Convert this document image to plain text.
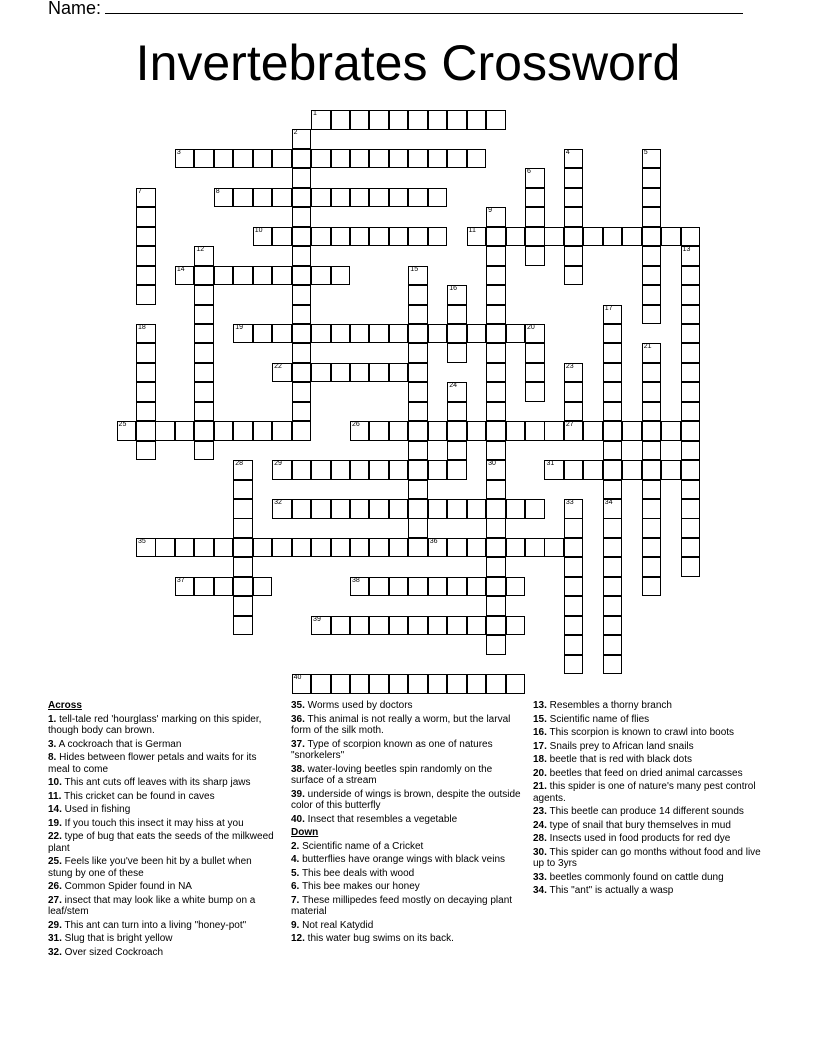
Name:
Invertebrates Crossword
1
2
3	4	5
6
7	8
9
30
10	11
12	13
14	15
16
17
34
18	19	20
21
22	23
27
24
25	26
28	29	31
32	33
35	36
37	38
39
40
Across
1. tell-tale red 'hourglass' marking on this spider, though body can brown.
3. A cockroach that is German
8. Hides between flower petals and waits for its meal to come
10. This ant cuts off leaves with its sharp jaws
11. This cricket can be found in caves
14. Used in fishing
19. If you touch this insect it may hiss at you
22. type of bug that eats the seeds of the milkweed plant
25. Feels like you've been hit by a bullet when stung by one of these
26. Common Spider found in NA
27. insect that may look like a white bump on a leaf/stem
29. This ant can turn into a living "honey-pot"
31. Slug that is bright yellow
32. Over sized Cockroach
35. Worms used by doctors
36. This animal is not really a worm, but the larval form of the silk moth.
37. Type of scorpion known as one of natures "snorkelers"
38. water-loving beetles spin randomly on the surface of a stream
39. underside of wings is brown, despite the outside color of this butterfly
40. Insect that resembles a vegetable
Down
2. Scientific name of a Cricket
4. butterflies have orange wings with black veins
5. This bee deals with wood
6. This bee makes our honey
7. These millipedes feed mostly on decaying plant material
9. Not real Katydid
12. this water bug swims on its back.
13. Resembles a thorny branch
15. Scientific name of flies
16. This scorpion is known to crawl into boots
17. Snails prey to African land snails
18. beetle that is red with black dots
20. beetles that feed on dried animal carcasses
21. this spider is one of nature's many pest control agents.
23. This beetle can produce 14 different sounds
24. type of snail that bury themselves in mud
28. Insects used in food products for red dye
30. This spider can go months without food and live up to 3yrs
33. beetles commonly found on cattle dung
34. This "ant" is actually a wasp
